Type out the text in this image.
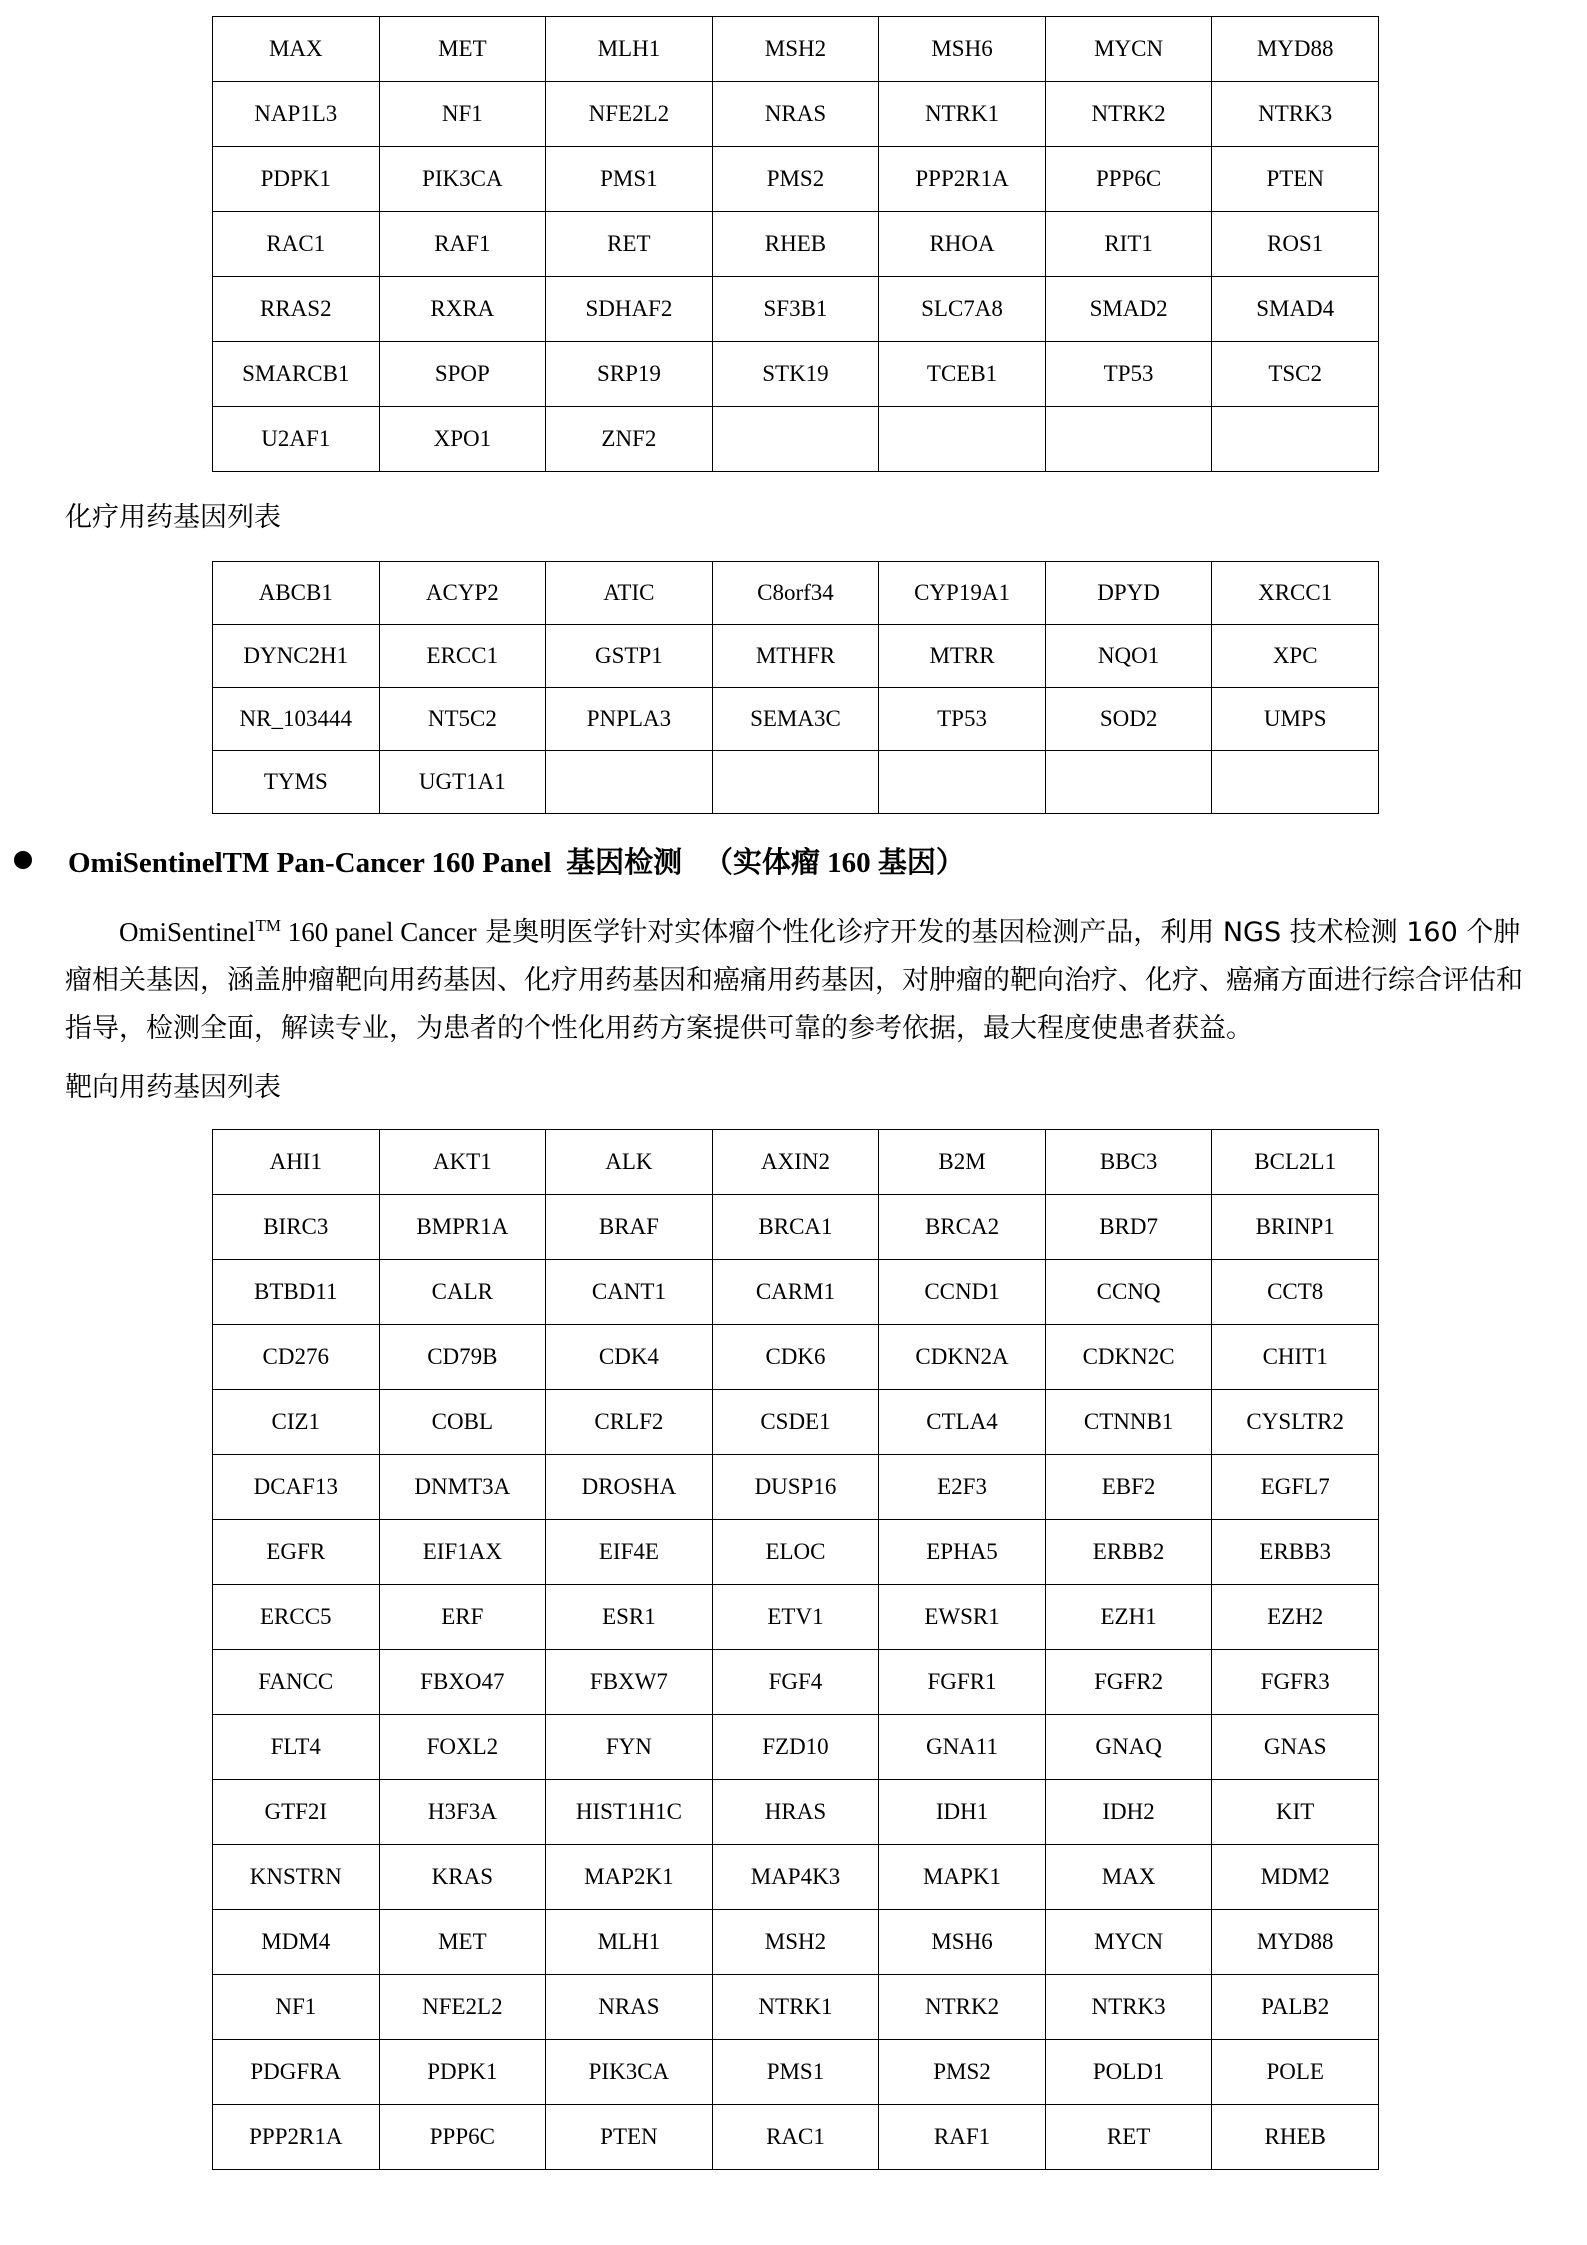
MAX	MET	MLH1	MSH2	MSH6	MYCN	MYD88
NAP1L3	NF1	NFE2L2	NRAS	NTRK1	NTRK2	NTRK3
PDPK1	PIK3CA	PMS1	PMS2	PPP2R1A	PPP6C	PTEN
RAC1	RAF1	RET	RHEB	RHOA	RIT1	ROS1
RRAS2	RXRA	SDHAF2	SF3B1	SLC7A8	SMAD2	SMAD4
SMARCB1	SPOP	SRP19	STK19	TCEB1	TP53	TSC2
U2AF1	XPO1	ZNF2				
化疗用药基因列表
ABCB1	ACYP2	ATIC	C8orf34	CYP19A1	DPYD	XRCC1
DYNC2H1	ERCC1	GSTP1	MTHFR	MTRR	NQO1	XPC
NR_103444	NT5C2	PNPLA3	SEMA3C	TP53	SOD2	UMPS
TYMS	UGT1A1					
OmiSentinelTM Pan-Cancer 160 Panel 基因检测 （实体瘤 160 基因）
OmiSentinel™ 160 panel Cancer 是奥明医学针对实体瘤个性化诊疗开发的基因检测产品，利用 NGS 技术检测 160 个肿
瘤相关基因，涵盖肿瘤靶向用药基因、化疗用药基因和癌痛用药基因，对肿瘤的靶向治疗、化疗、癌痛方面进行综合评估和
指导，检测全面，解读专业，为患者的个性化用药方案提供可靠的参考依据，最大程度使患者获益。
靶向用药基因列表
AHI1	AKT1	ALK	AXIN2	B2M	BBC3	BCL2L1
BIRC3	BMPR1A	BRAF	BRCA1	BRCA2	BRD7	BRINP1
BTBD11	CALR	CANT1	CARM1	CCND1	CCNQ	CCT8
CD276	CD79B	CDK4	CDK6	CDKN2A	CDKN2C	CHIT1
CIZ1	COBL	CRLF2	CSDE1	CTLA4	CTNNB1	CYSLTR2
DCAF13	DNMT3A	DROSHA	DUSP16	E2F3	EBF2	EGFL7
EGFR	EIF1AX	EIF4E	ELOC	EPHA5	ERBB2	ERBB3
ERCC5	ERF	ESR1	ETV1	EWSR1	EZH1	EZH2
FANCC	FBXO47	FBXW7	FGF4	FGFR1	FGFR2	FGFR3
FLT4	FOXL2	FYN	FZD10	GNA11	GNAQ	GNAS
GTF2I	H3F3A	HIST1H1C	HRAS	IDH1	IDH2	KIT
KNSTRN	KRAS	MAP2K1	MAP4K3	MAPK1	MAX	MDM2
MDM4	MET	MLH1	MSH2	MSH6	MYCN	MYD88
NF1	NFE2L2	NRAS	NTRK1	NTRK2	NTRK3	PALB2
PDGFRA	PDPK1	PIK3CA	PMS1	PMS2	POLD1	POLE
PPP2R1A	PPP6C	PTEN	RAC1	RAF1	RET	RHEB
